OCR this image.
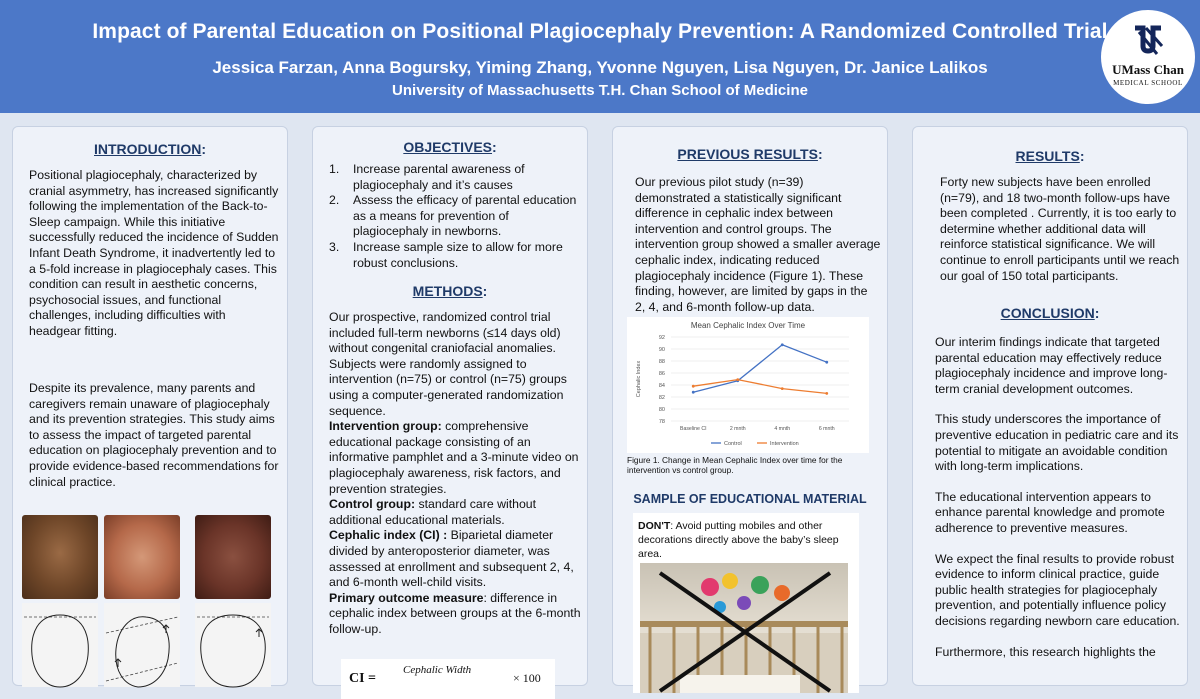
Impact of Parental Education on Positional Plagiocephaly Prevention: A Randomized Controlled Trial
Jessica Farzan, Anna Bogursky, Yiming Zhang, Yvonne Nguyen, Lisa Nguyen, Dr. Janice Lalikos
University of Massachusetts T.H. Chan School of Medicine
UMass Chan
MEDICAL SCHOOL
INTRODUCTION:
Positional plagiocephaly, characterized by cranial asymmetry, has increased significantly following the implementation of the Back-to-Sleep campaign. While this initiative successfully reduced the incidence of Sudden Infant Death Syndrome, it inadvertently led to a 5-fold increase in plagiocephaly cases. This condition can result in aesthetic concerns, psychosocial issues, and functional challenges, including difficulties with headgear fitting.
Despite its prevalence, many parents and caregivers remain unaware of plagiocephaly and its prevention strategies. This study aims to assess the impact of targeted parental education on plagiocephaly prevention and to provide evidence-based recommendations for clinical practice.
OBJECTIVES:
1. Increase parental awareness of plagiocephaly and it’s causes
2. Assess the efficacy of parental education as a means for prevention of plagiocephaly in newborns.
3. Increase sample size to allow for more robust conclusions.
METHODS:
Our prospective, randomized control trial included full-term newborns (≤14 days old) without congenital craniofacial anomalies. Subjects were randomly assigned to intervention (n=75) or control (n=75) groups using a computer-generated randomization sequence.
Intervention group: comprehensive educational package consisting of an informative pamphlet and a 3-minute video on plagiocephaly awareness, risk factors, and prevention strategies.
Control group: standard care without additional educational materials.
Cephalic index (CI) : Biparietal diameter divided by anteroposterior diameter, was assessed at enrollment and subsequent 2, 4, and 6-month well-child visits.
Primary outcome measure: difference in cephalic index between groups at the 6-month follow-up.
CI =
Cephalic Width
× 100
PREVIOUS RESULTS:
Our previous pilot study (n=39) demonstrated a statistically significant difference in cephalic index between intervention and control groups. The intervention group showed a smaller average cephalic index, indicating reduced plagiocephaly incidence (Figure 1). These finding, however, are limited by gaps in the 2, 4, and 6-month follow-up data.
Mean Cephalic Index Over Time
78
80
82
84
86
88
90
92
Baseline CI	2 mnth	4 mnth	6 mnth
Cephalic Index
Control	Intervention
Figure 1. Change in Mean Cephalic Index over time for the intervention vs control group.
SAMPLE OF EDUCATIONAL MATERIAL
DON'T: Avoid putting mobiles and other decorations directly above the baby’s sleep area.
RESULTS:
Forty new subjects have been enrolled (n=79), and 18 two-month follow-ups have been completed . Currently, it is too early to determine whether additional data will reinforce statistical significance. We will continue to enroll participants until we reach our goal of 150 total participants.
CONCLUSION:
Our interim findings indicate that targeted parental education may effectively reduce plagiocephaly incidence and improve long-term cranial development outcomes.
This study underscores the importance of preventive education in pediatric care and its potential to mitigate an avoidable condition with long-term implications.
The educational intervention appears to enhance parental knowledge and promote adherence to preventive measures.
We expect the final results to provide robust evidence to inform clinical practice, guide public health strategies for plagiocephaly prevention, and potentially influence policy decisions regarding newborn care education.
Furthermore, this research highlights the
